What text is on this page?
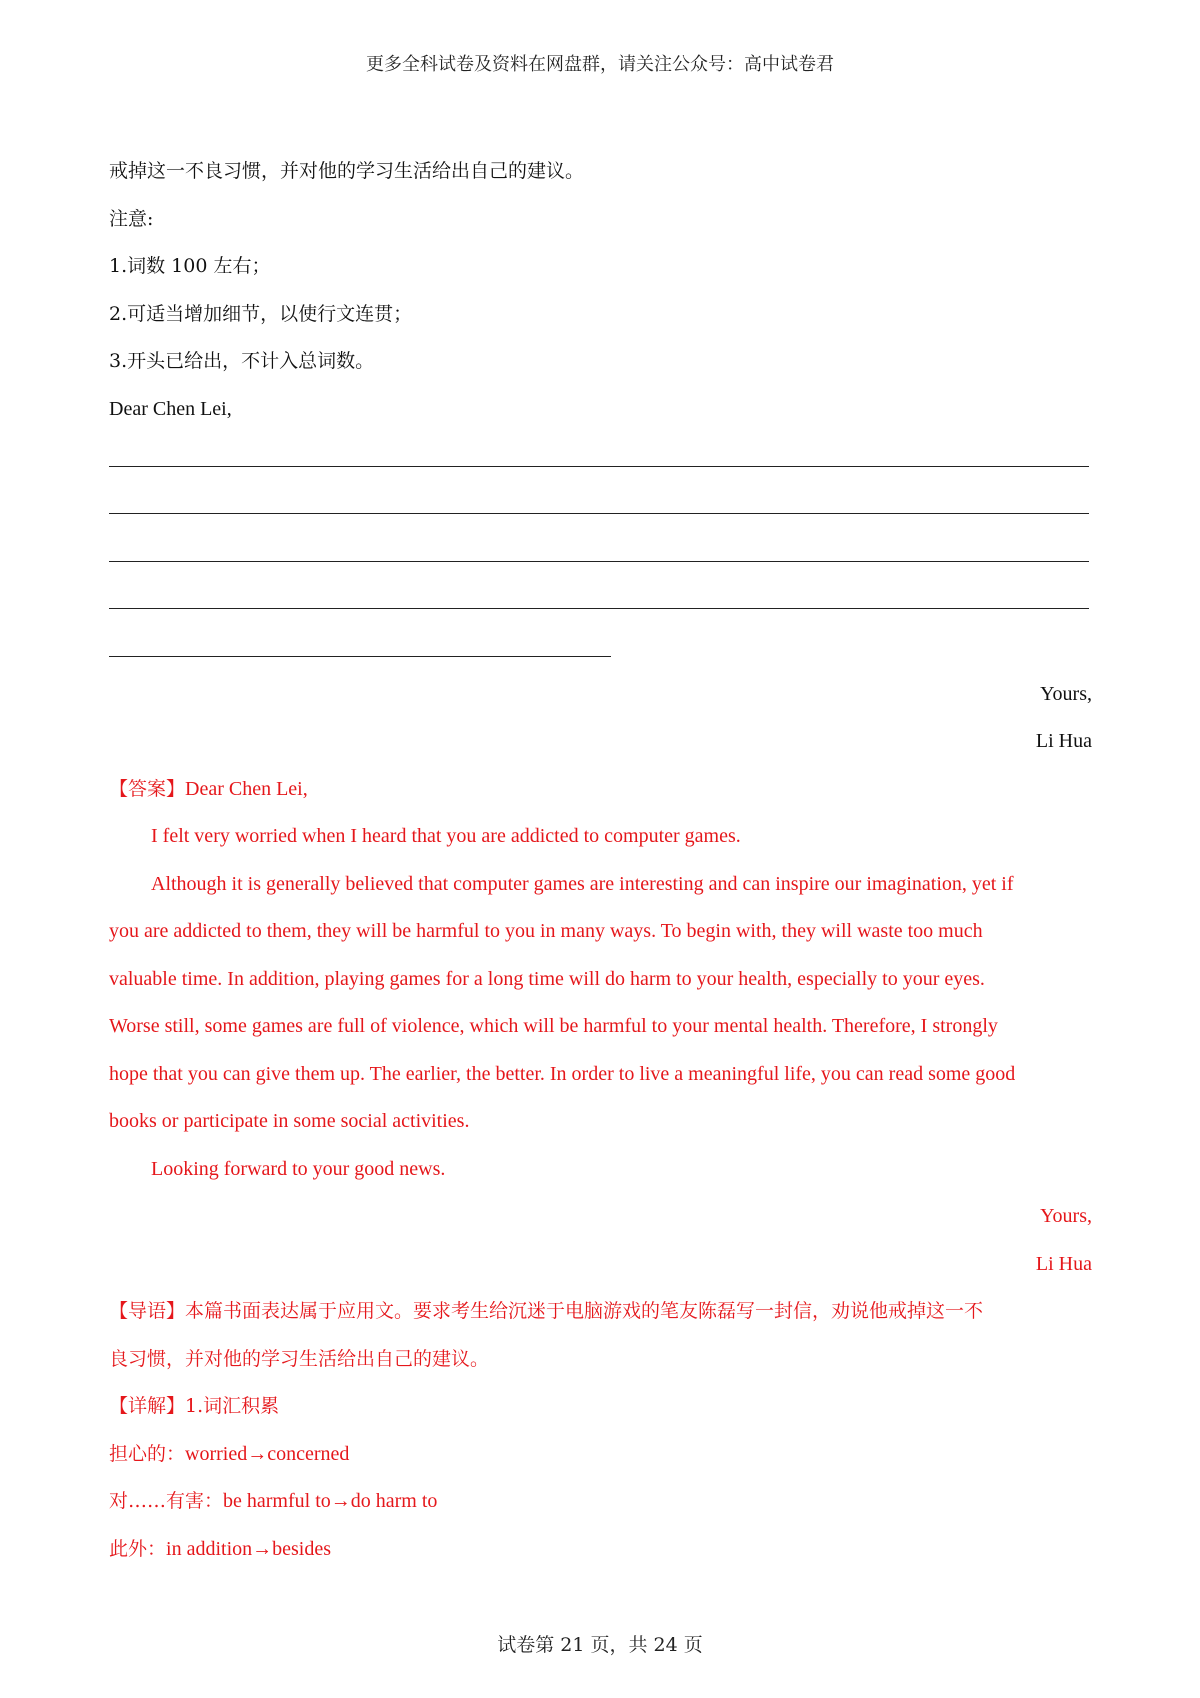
更多全科试卷及资料在网盘群，请关注公众号：高中试卷君
戒掉这一不良习惯，并对他的学习生活给出自己的建议。
注意:
1.词数 100 左右；
2.可适当增加细节，以使行文连贯；
3.开头已给出，不计入总词数。
Dear Chen Lei,
Yours,
Li Hua
【答案】Dear Chen Lei,
I felt very worried when I heard that you are addicted to computer games.
Although it is generally believed that computer games are interesting and can inspire our imagination, yet if
you are addicted to them, they will be harmful to you in many ways. To begin with, they will waste too much
valuable time. In addition, playing games for a long time will do harm to your health, especially to your eyes.
Worse still, some games are full of violence, which will be harmful to your mental health. Therefore, I strongly
hope that you can give them up. The earlier, the better. In order to live a meaningful life, you can read some good
books or participate in some social activities.
Looking forward to your good news.
Yours,
Li Hua
【导语】本篇书面表达属于应用文。要求考生给沉迷于电脑游戏的笔友陈磊写一封信，劝说他戒掉这一不
良习惯，并对他的学习生活给出自己的建议。
【详解】1.词汇积累
担心的：worried→concerned
对……有害：be harmful to→do harm to
此外：in addition→besides
试卷第 21 页，共 24 页
